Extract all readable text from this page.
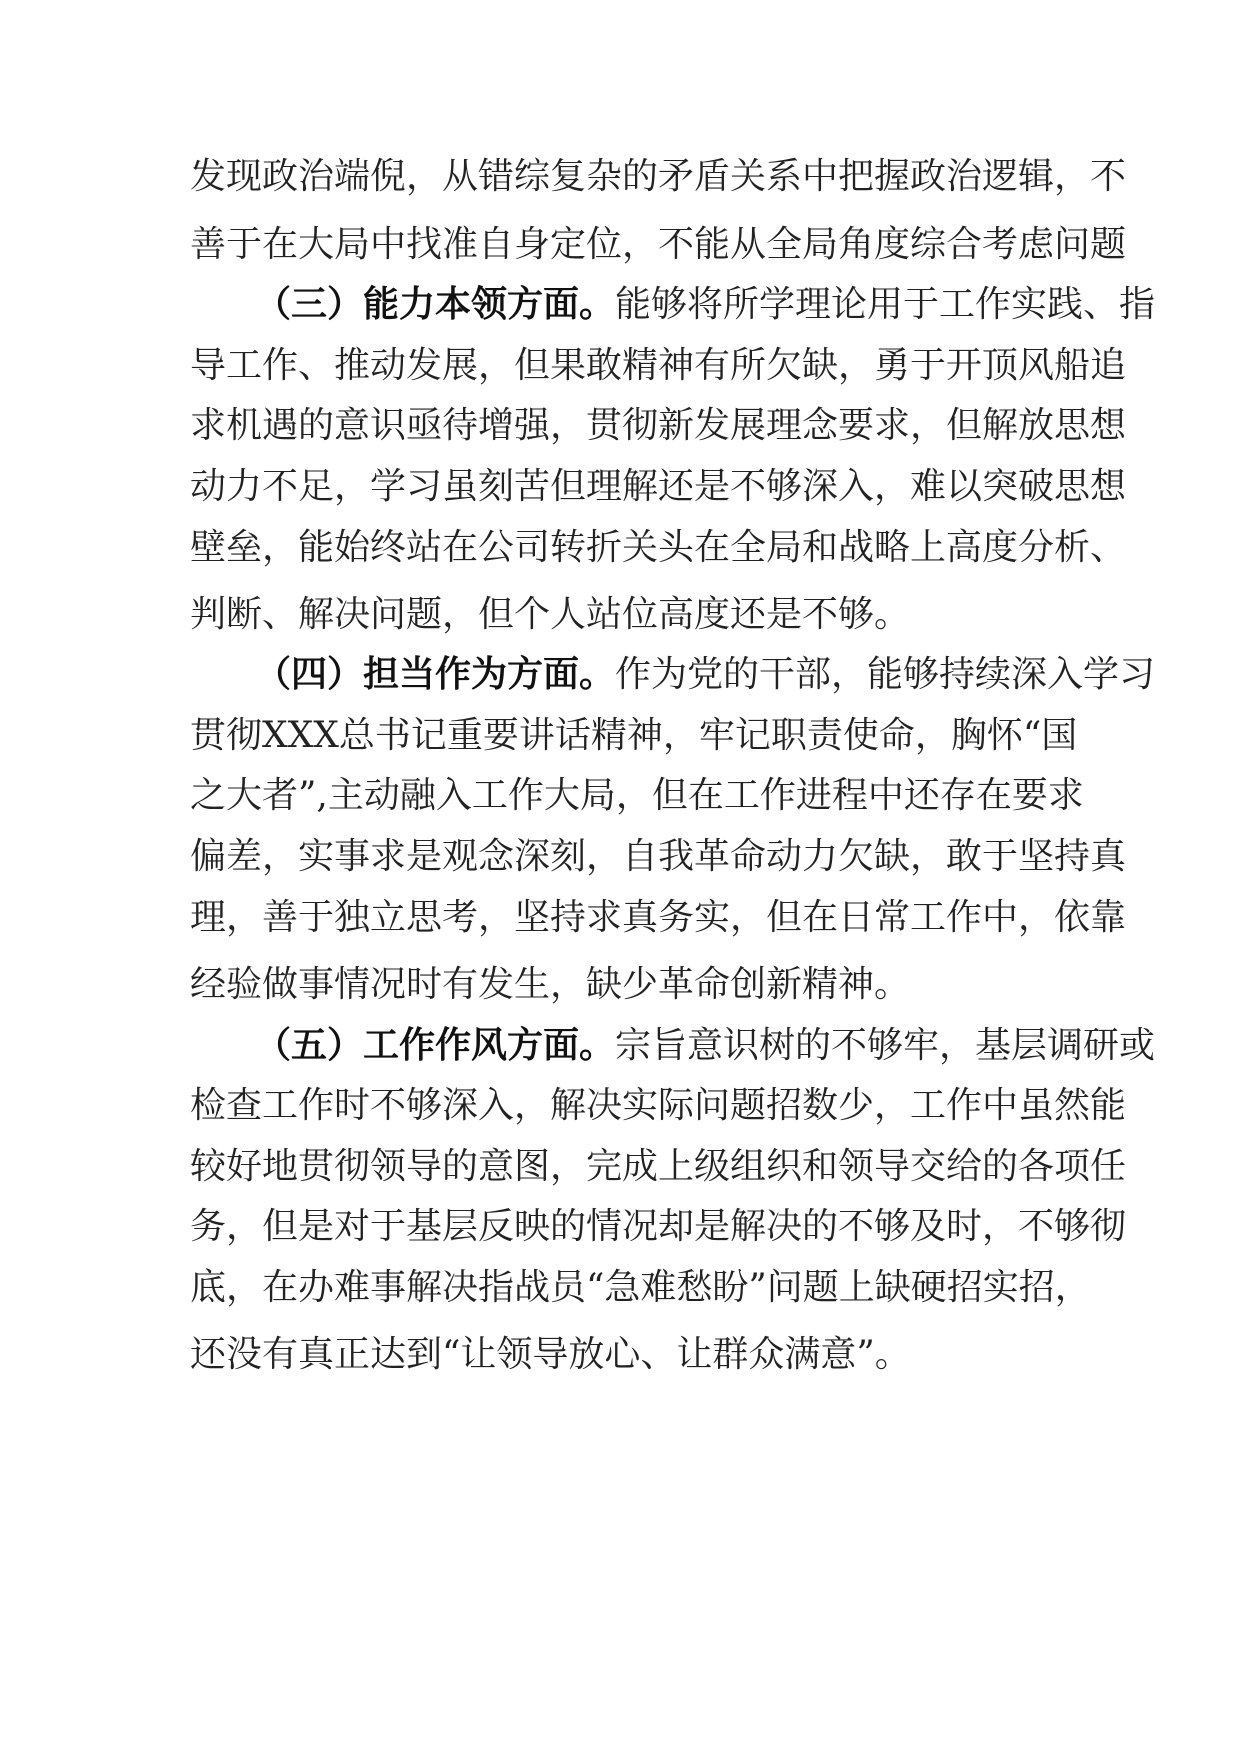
发现政治端倪，从错综复杂的矛盾关系中把握政治逻辑，不
善于在大局中找准自身定位，不能从全局角度综合考虑问题
（三）能力本领方面。能够将所学理论用于工作实践、指
导工作、推动发展，但果敢精神有所欠缺，勇于开顶风船追
求机遇的意识亟待增强，贯彻新发展理念要求，但解放思想
动力不足，学习虽刻苦但理解还是不够深入，难以突破思想
壁垒，能始终站在公司转折关头在全局和战略上高度分析、
判断、解决问题，但个人站位高度还是不够。
（四）担当作为方面。作为党的干部，能够持续深入学习
贯彻XXX总书记重要讲话精神，牢记职责使命，胸怀“国
之大者”,主动融入工作大局，但在工作进程中还存在要求
偏差，实事求是观念深刻，自我革命动力欠缺，敢于坚持真
理，善于独立思考，坚持求真务实，但在日常工作中，依靠
经验做事情况时有发生，缺少革命创新精神。
（五）工作作风方面。宗旨意识树的不够牢，基层调研或
检查工作时不够深入，解决实际问题招数少，工作中虽然能
较好地贯彻领导的意图，完成上级组织和领导交给的各项任
务，但是对于基层反映的情况却是解决的不够及时，不够彻
底，在办难事解决指战员“急难愁盼”问题上缺硬招实招，
还没有真正达到“让领导放心、让群众满意”。
